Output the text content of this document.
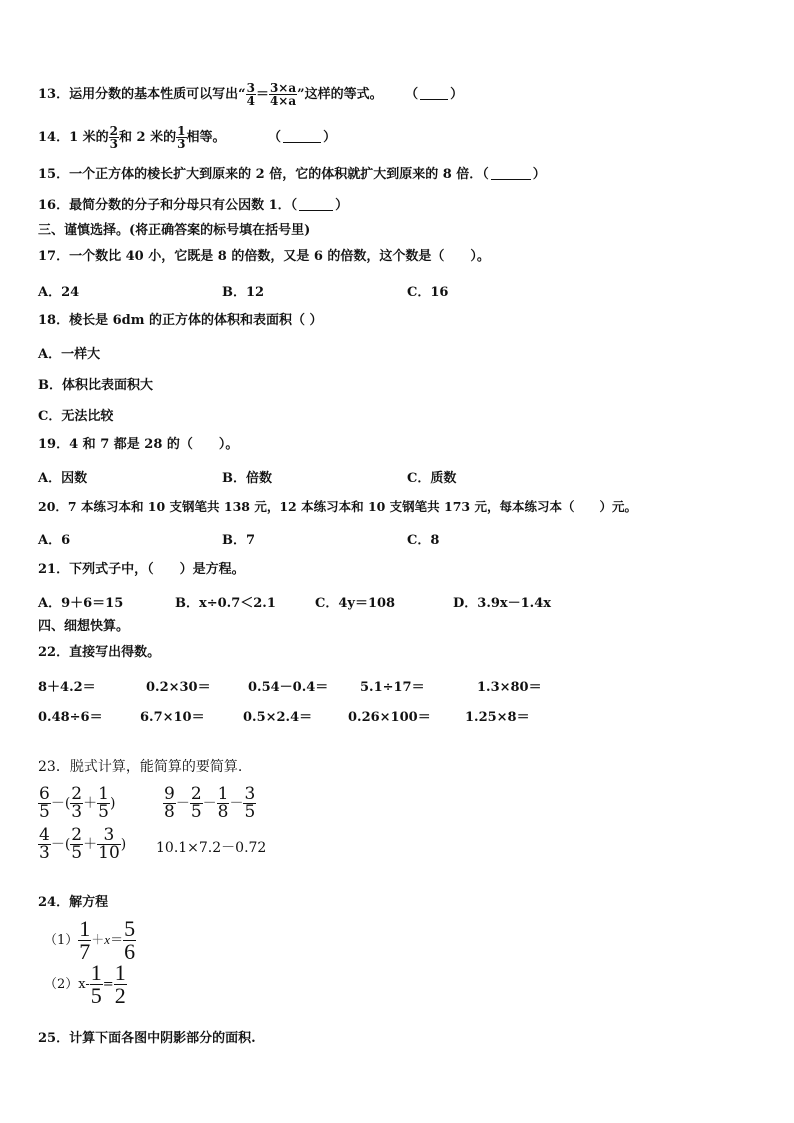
13．运用分数的基本性质可以写出“ $\frac{3}{4} = \frac{3\times a}{4\times a}$ ”这样的等式。 （ ）
14．1 米的 $\frac{2}{3}$ 和 2 米的 $\frac{1}{3}$ 相等。	（	）
15．一个正方体的棱长扩大到原来的 2 倍，它的体积就扩大到原来的 8 倍．（	）
16．最简分数的分子和分母只有公因数 1．（	）
三、谨慎选择。(将正确答案的标号填在括号里)
17．一个数比 40 小，它既是 8 的倍数，又是 6 的倍数，这个数是（　　）。
A．24	B．12	C．16
18．棱长是 6dm 的正方体的体积和表面积（ ）
A．一样大
B．体积比表面积大
C．无法比较
19．4 和 7 都是 28 的（　　）。
A．因数	B．倍数	C．质数
20．7 本练习本和 10 支钢笔共 138 元，12 本练习本和 10 支钢笔共 173 元，每本练习本（　　）元。
A．6	B．7	C．8
21．下列式子中，（　　）是方程。
A．9＋6＝15	B．x÷0.7＜2.1	C．4y＝108	D．3.9x－1.4x
四、细想快算。
22．直接写出得数。
8＋4.2＝	0.2×30＝	0.54－0.4＝ 5.1÷17＝	1.3×80＝
0.48÷6＝	6.7×10＝	0.5×2.4＝	0.26×100＝	1.25×8＝
23．脱式计算，能简算的要简算.
$\frac{6}{5}$ －( $\frac{2}{3} + \frac{1}{5}$ )	$\frac{9}{8} - \frac{2}{5} - \frac{1}{8} - \frac{3}{5}$
$\frac{4}{3}$ －( $\frac{2}{5} + \frac{3}{10}$ ) 10.1×7.2－0.72
24．解方程
$(1) \frac{1}{7} +x= \frac{5}{6}$
$(2)x- \frac{1}{5} = \frac{1}{2}$
25．计算下面各图中阴影部分的面积.
